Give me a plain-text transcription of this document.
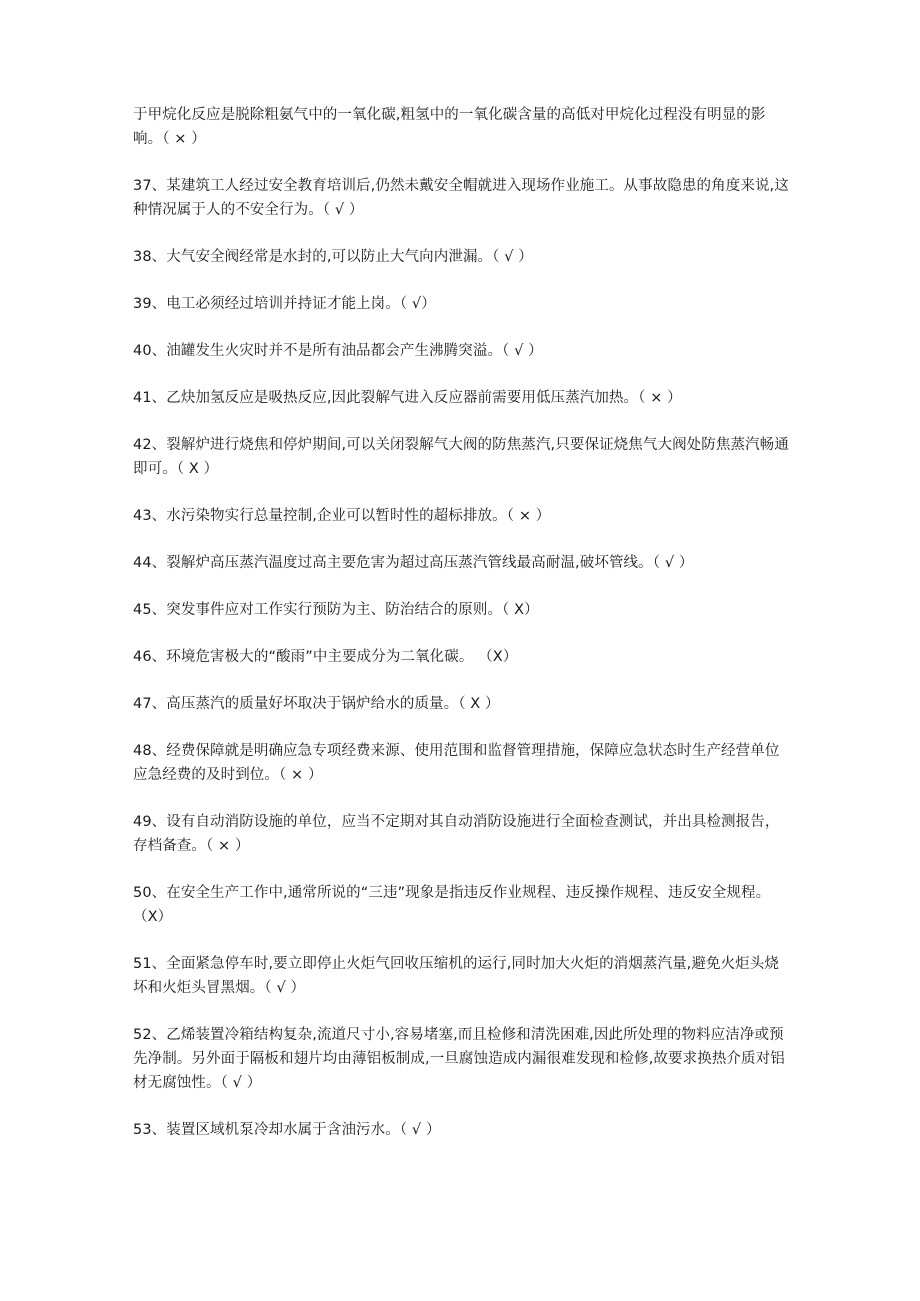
于甲烷化反应是脱除粗氨气中的一氧化碳,粗氢中的一氧化碳含量的高低对甲烷化过程没有明显的影响。（ × ）

37、某建筑工人经过安全教育培训后,仍然未戴安全帽就进入现场作业施工。从事故隐患的角度来说,这种情况属于人的不安全行为。（ √ ）

38、大气安全阀经常是水封的,可以防止大气向内泄漏。（ √ ）

39、电工必须经过培训并持证才能上岗。（ √）

40、油罐发生火灾时并不是所有油品都会产生沸腾突溢。（ √ ）

41、乙炔加氢反应是吸热反应,因此裂解气进入反应器前需要用低压蒸汽加热。（ × ）

42、裂解炉进行烧焦和停炉期间,可以关闭裂解气大阀的防焦蒸汽,只要保证烧焦气大阀处防焦蒸汽畅通即可。（ X ）

43、水污染物实行总量控制,企业可以暂时性的超标排放。（ × ）

44、裂解炉高压蒸汽温度过高主要危害为超过高压蒸汽管线最高耐温,破坏管线。（ √ ）

45、突发事件应对工作实行预防为主、防治结合的原则。（ X）

46、环境危害极大的“酸雨”中主要成分为二氧化碳。 （X）

47、高压蒸汽的质量好坏取决于锅炉给水的质量。（ X ）

48、经费保障就是明确应急专项经费来源、使用范围和监督管理措施，保障应急状态时生产经营单位应急经费的及时到位。（ × ）

49、设有自动消防设施的单位，应当不定期对其自动消防设施进行全面检查测试，并出具检测报告，存档备查。（ × ）

50、在安全生产工作中,通常所说的“三违”现象是指违反作业规程、违反操作规程、违反安全规程。 （X）

51、全面紧急停车时,要立即停止火炬气回收压缩机的运行,同时加大火炬的消烟蒸汽量,避免火炬头烧坏和火炬头冒黑烟。（ √ ）

52、乙烯装置冷箱结构复杂,流道尺寸小,容易堵塞,而且检修和清洗困难,因此所处理的物料应洁净或预先净制。另外面于隔板和翅片均由薄铝板制成,一旦腐蚀造成内漏很难发现和检修,故要求换热介质对铝材无腐蚀性。（ √ ）

53、装置区域机泵冷却水属于含油污水。（ √ ）
